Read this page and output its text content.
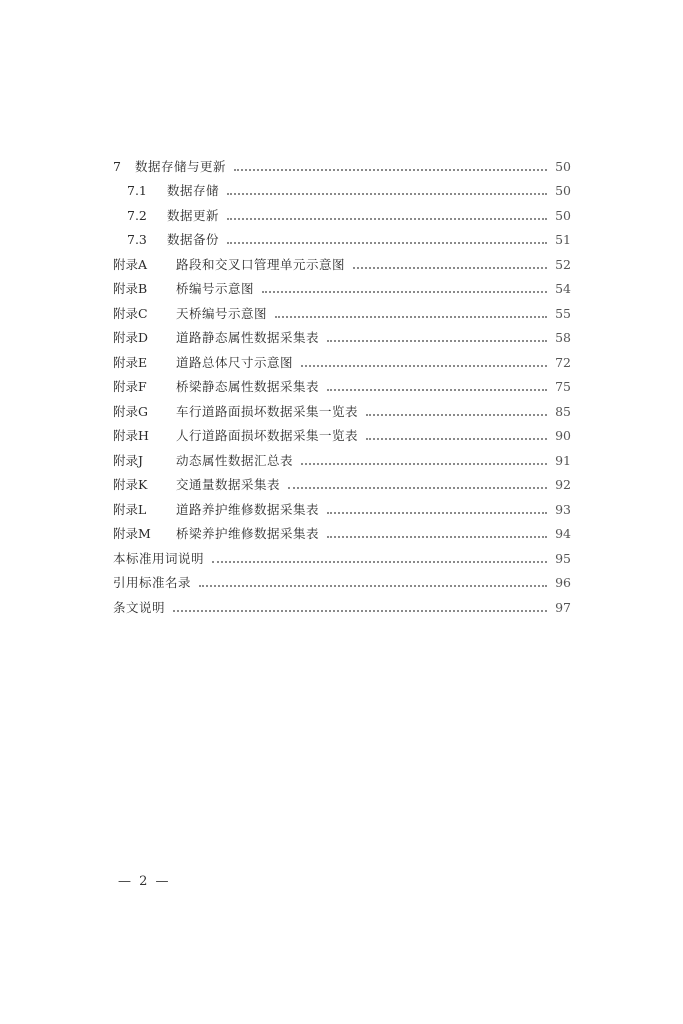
7	数据存储与更新	50
7.1	数据存储	50
7.2	数据更新	50
7.3	数据备份	51
附录A	路段和交叉口管理单元示意图	52
附录B	桥编号示意图	54
附录C	天桥编号示意图	55
附录D	道路静态属性数据采集表	58
附录E	道路总体尺寸示意图	72
附录F	桥梁静态属性数据采集表	75
附录G	车行道路面损坏数据采集一览表	85
附录H	人行道路面损坏数据采集一览表	90
附录J	动态属性数据汇总表	91
附录K	交通量数据采集表	92
附录L	道路养护维修数据采集表	93
附录M	桥梁养护维修数据采集表	94
本标准用词说明	95
引用标准名录	96
条文说明	97
— 2 —
